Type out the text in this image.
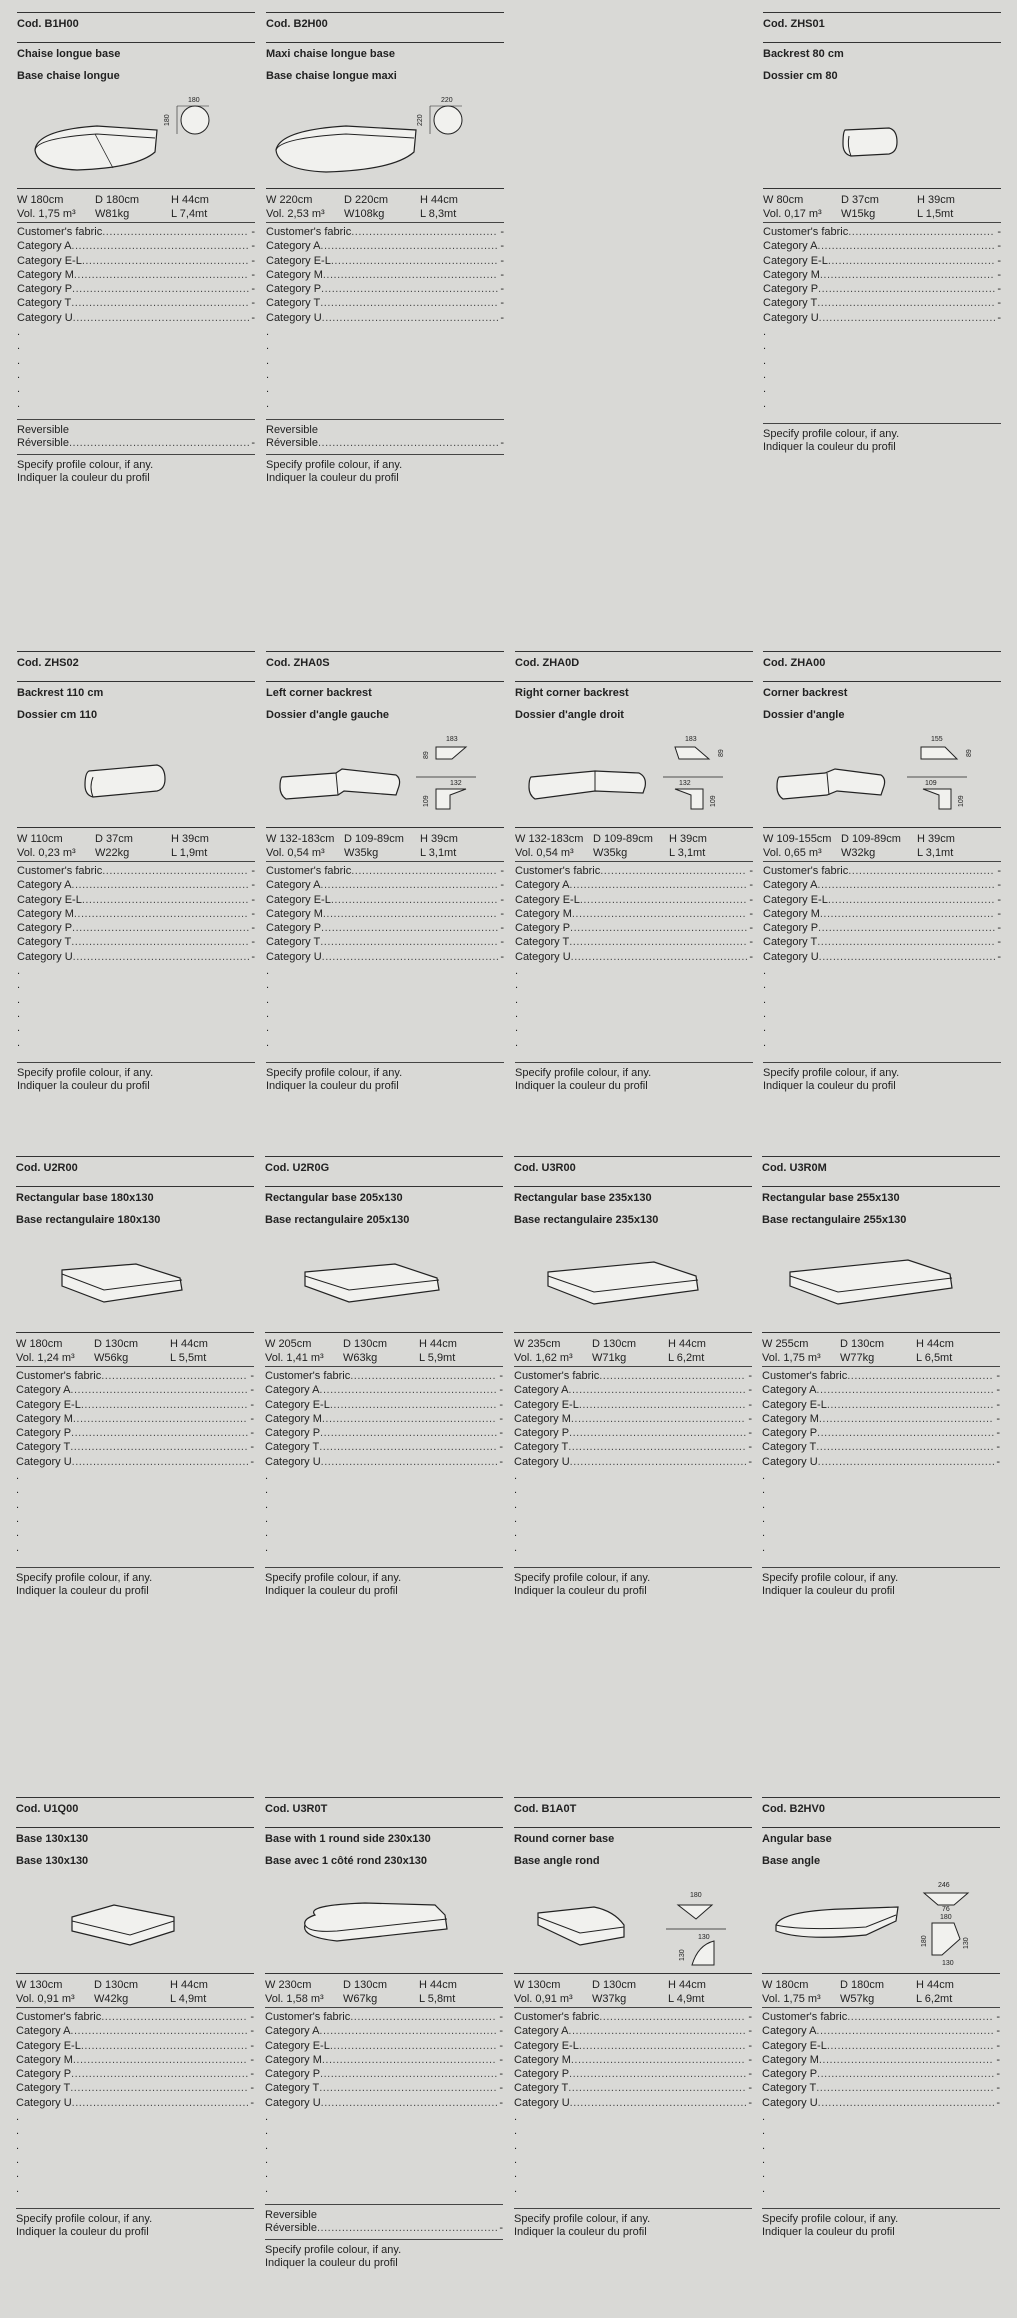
Cod. B1H00
Chaise longue base
Base chaise longue
180
180
W 180cm	D 180cm	H 44cm
Vol. 1,75 m³	W81kg	L 7,4mt
Customer's fabric .....	-
Category A .....	-
Category E-L .....	-
Category M .....	-
Category P .....	-
Category T .....	-
Category U .....	-
.
.
.
.
.
.
Reversible
Réversible .....	-
Specify profile colour, if any.
Indiquer la couleur du profil
Cod. B2H00
Maxi chaise longue base
Base chaise longue maxi
220
220
W 220cm	D 220cm	H 44cm
Vol. 2,53 m³	W108kg	L 8,3mt
Customer's fabric .....	-
Category A .....	-
Category E-L .....	-
Category M .....	-
Category P .....	-
Category T .....	-
Category U .....	-
.
.
.
.
.
.
Reversible
Réversible .....	-
Specify profile colour, if any.
Indiquer la couleur du profil
Cod. ZHS01
Backrest 80 cm
Dossier cm 80
W 80cm	D 37cm	H 39cm
Vol. 0,17 m³	W15kg	L 1,5mt
Customer's fabric .....	-
Category A .....	-
Category E-L .....	-
Category M .....	-
Category P .....	-
Category T .....	-
Category U .....	-
.
.
.
.
.
.
Specify profile colour, if any.
Indiquer la couleur du profil
Cod. ZHS02
Backrest 110 cm
Dossier cm 110
W 110cm	D 37cm	H 39cm
Vol. 0,23 m³	W22kg	L 1,9mt
Customer's fabric .....	-
Category A .....	-
Category E-L .....	-
Category M .....	-
Category P .....	-
Category T .....	-
Category U .....	-
.
.
.
.
.
.
Specify profile colour, if any.
Indiquer la couleur du profil
Cod. ZHA0S
Left corner backrest
Dossier d'angle gauche
183
89
132
109
W 132-183cm D 109-89cm	H 39cm
Vol. 0,54 m³	W35kg	L 3,1mt
Customer's fabric .....	-
Category A .....	-
Category E-L .....	-
Category M .....	-
Category P .....	-
Category T .....	-
Category U .....	-
.
.
.
.
.
.
Specify profile colour, if any.
Indiquer la couleur du profil
Cod. ZHA0D
Right corner backrest
Dossier d'angle droit
183
89
132
109
W 132-183cm D 109-89cm	H 39cm
Vol. 0,54 m³	W35kg	L 3,1mt
Customer's fabric .....	-
Category A .....	-
Category E-L .....	-
Category M .....	-
Category P .....	-
Category T .....	-
Category U .....	-
.
.
.
.
.
.
Specify profile colour, if any.
Indiquer la couleur du profil
Cod. ZHA00
Corner backrest
Dossier d'angle
155
89
109
109
W 109-155cm D 109-89cm	H 39cm
Vol. 0,65 m³	W32kg	L 3,1mt
Customer's fabric .....	-
Category A .....	-
Category E-L .....	-
Category M .....	-
Category P .....	-
Category T .....	-
Category U .....	-
.
.
.
.
.
.
Specify profile colour, if any.
Indiquer la couleur du profil
Cod. U2R00
Rectangular base 180x130
Base rectangulaire 180x130
W 180cm	D 130cm	H 44cm
Vol. 1,24 m³	W56kg	L 5,5mt
Customer's fabric .....	-
Category A .....	-
Category E-L .....	-
Category M .....	-
Category P .....	-
Category T .....	-
Category U .....	-
.
.
.
.
.
.
Specify profile colour, if any.
Indiquer la couleur du profil
Cod. U2R0G
Rectangular base 205x130
Base rectangulaire 205x130
W 205cm	D 130cm	H 44cm
Vol. 1,41 m³	W63kg	L 5,9mt
Customer's fabric .....	-
Category A .....	-
Category E-L .....	-
Category M .....	-
Category P .....	-
Category T .....	-
Category U .....	-
.
.
.
.
.
.
Specify profile colour, if any.
Indiquer la couleur du profil
Cod. U3R00
Rectangular base 235x130
Base rectangulaire 235x130
W 235cm	D 130cm	H 44cm
Vol. 1,62 m³	W71kg	L 6,2mt
Customer's fabric .....	-
Category A .....	-
Category E-L .....	-
Category M .....	-
Category P .....	-
Category T .....	-
Category U .....	-
.
.
.
.
.
.
Specify profile colour, if any.
Indiquer la couleur du profil
Cod. U3R0M
Rectangular base 255x130
Base rectangulaire 255x130
W 255cm	D 130cm	H 44cm
Vol. 1,75 m³	W77kg	L 6,5mt
Customer's fabric .....	-
Category A .....	-
Category E-L .....	-
Category M .....	-
Category P .....	-
Category T .....	-
Category U .....	-
.
.
.
.
.
.
Specify profile colour, if any.
Indiquer la couleur du profil
Cod. U1Q00
Base 130x130
Base 130x130
W 130cm	D 130cm	H 44cm
Vol. 0,91 m³	W42kg	L 4,9mt
Customer's fabric .....	-
Category A .....	-
Category E-L .....	-
Category M .....	-
Category P .....	-
Category T .....	-
Category U .....	-
.
.
.
.
.
.
Specify profile colour, if any.
Indiquer la couleur du profil
Cod. U3R0T
Base with 1 round side 230x130
Base avec 1 côté rond 230x130
W 230cm	D 130cm	H 44cm
Vol. 1,58 m³	W67kg	L 5,8mt
Customer's fabric .....	-
Category A .....	-
Category E-L .....	-
Category M .....	-
Category P .....	-
Category T .....	-
Category U .....	-
.
.
.
.
.
.
Reversible
Réversible .....	-
Specify profile colour, if any.
Indiquer la couleur du profil
Cod. B1A0T
Round corner base
Base angle rond
180
130
130
W 130cm	D 130cm	H 44cm
Vol. 0,91 m³	W37kg	L 4,9mt
Customer's fabric .....	-
Category A .....	-
Category E-L .....	-
Category M .....	-
Category P .....	-
Category T .....	-
Category U .....	-
.
.
.
.
.
.
Specify profile colour, if any.
Indiquer la couleur du profil
Cod. B2HV0
Angular base
Base angle
246
76
180
180
130
130
W 180cm	D 180cm	H 44cm
Vol. 1,75 m³	W57kg	L 6,2mt
Customer's fabric .....	-
Category A .....	-
Category E-L .....	-
Category M .....	-
Category P .....	-
Category T .....	-
Category U .....	-
.
.
.
.
.
.
Specify profile colour, if any.
Indiquer la couleur du profil
